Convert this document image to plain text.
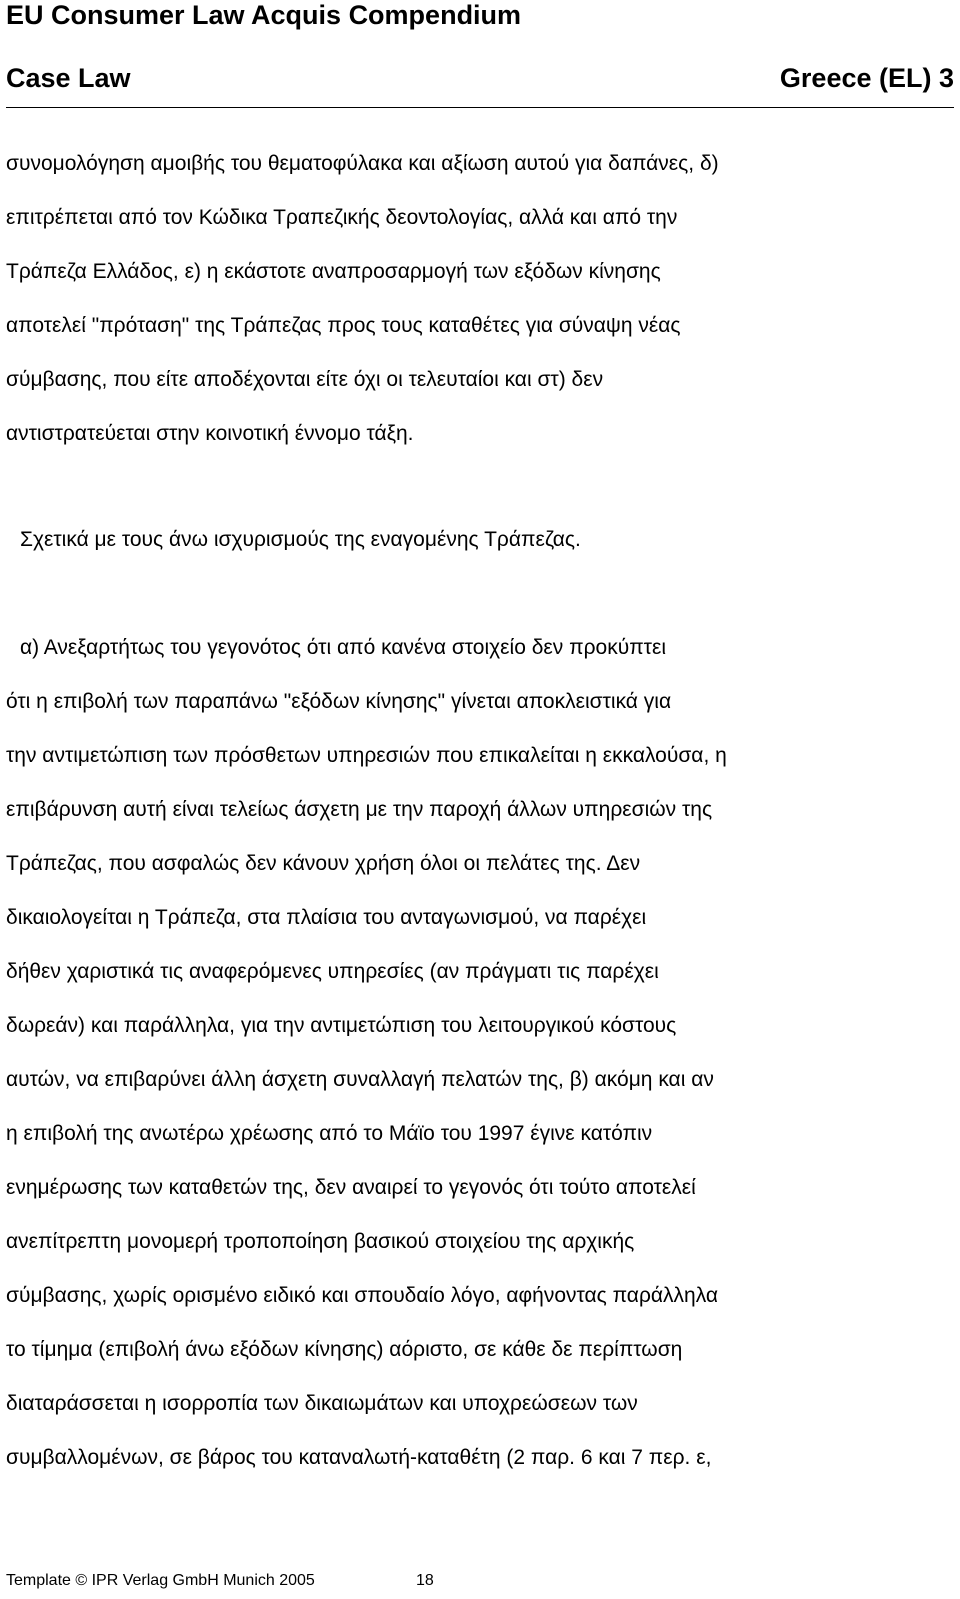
EU Consumer Law Acquis Compendium
Case Law	Greece (EL) 3
συνομολόγηση αμοιβής του θεματοφύλακα και αξίωση αυτού για δαπάνες, δ)
επιτρέπεται από τον Κώδικα Τραπεζικής δεοντολογίας, αλλά και από την
Τράπεζα Ελλάδος, ε) η εκάστοτε αναπροσαρμογή των εξόδων κίνησης
αποτελεί "πρόταση" της Τράπεζας προς τους καταθέτες για σύναψη νέας
σύμβασης, που είτε αποδέχονται είτε όχι οι τελευταίοι και στ) δεν
αντιστρατεύεται στην κοινοτική έννομο τάξη.
Σχετικά με τους άνω ισχυρισμούς της εναγομένης Τράπεζας.
α) Ανεξαρτήτως του γεγονότος ότι από κανένα στοιχείο δεν προκύπτει
ότι η επιβολή των παραπάνω "εξόδων κίνησης" γίνεται αποκλειστικά για
την αντιμετώπιση των πρόσθετων υπηρεσιών που επικαλείται η εκκαλούσα, η
επιβάρυνση αυτή είναι τελείως άσχετη με την παροχή άλλων υπηρεσιών της
Τράπεζας, που ασφαλώς δεν κάνουν χρήση όλοι οι πελάτες της. Δεν
δικαιολογείται η Τράπεζα, στα πλαίσια του ανταγωνισμού, να παρέχει
δήθεν χαριστικά τις αναφερόμενες υπηρεσίες (αν πράγματι τις παρέχει
δωρεάν) και παράλληλα, για την αντιμετώπιση του λειτουργικού κόστους
αυτών, να επιβαρύνει άλλη άσχετη συναλλαγή πελατών της, β) ακόμη και αν
η επιβολή της ανωτέρω χρέωσης από το Μάϊο του 1997 έγινε κατόπιν
ενημέρωσης των καταθετών της, δεν αναιρεί το γεγονός ότι τούτο αποτελεί
ανεπίτρεπτη μονομερή τροποποίηση βασικού στοιχείου της αρχικής
σύμβασης, χωρίς ορισμένο ειδικό και σπουδαίο λόγο, αφήνοντας παράλληλα
το τίμημα (επιβολή άνω εξόδων κίνησης) αόριστο, σε κάθε δε περίπτωση
διαταράσσεται η ισορροπία των δικαιωμάτων και υποχρεώσεων των
συμβαλλομένων, σε βάρος του καταναλωτή-καταθέτη (2 παρ. 6 και 7 περ. ε,
Template © IPR Verlag GmbH Munich 2005	18
